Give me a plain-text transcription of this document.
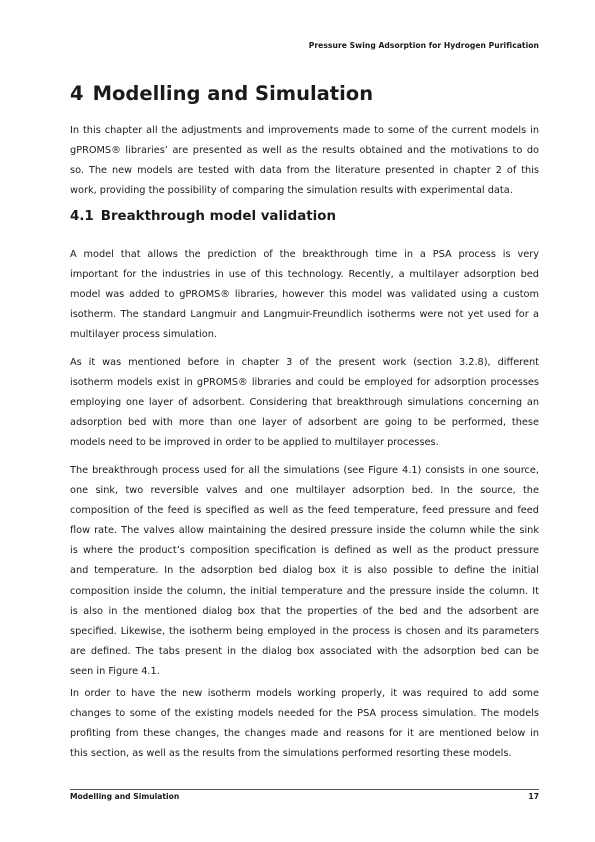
Pressure Swing Adsorption for Hydrogen Purification
4 Modelling and Simulation

In this chapter all the adjustments and improvements made to some of the current models in
gPROMS® libraries’ are presented as well as the results obtained and the motivations to do
so. The new models are tested with data from the literature presented in chapter 2 of this
work, providing the possibility of comparing the simulation results with experimental data.

4.1 Breakthrough model validation

A model that allows the prediction of the breakthrough time in a PSA process is very
important for the industries in use of this technology. Recently, a multilayer adsorption bed
model was added to gPROMS® libraries, however this model was validated using a custom
isotherm. The standard Langmuir and Langmuir-Freundlich isotherms were not yet used for a
multilayer process simulation.

As it was mentioned before in chapter 3 of the present work (section 3.2.8), different
isotherm models exist in gPROMS® libraries and could be employed for adsorption processes
employing one layer of adsorbent. Considering that breakthrough simulations concerning an
adsorption bed with more than one layer of adsorbent are going to be performed, these
models need to be improved in order to be applied to multilayer processes.

The breakthrough process used for all the simulations (see Figure 4.1) consists in one source,
one sink, two reversible valves and one multilayer adsorption bed. In the source, the
composition of the feed is specified as well as the feed temperature, feed pressure and feed
flow rate. The valves allow maintaining the desired pressure inside the column while the sink
is where the product’s composition specification is defined as well as the product pressure
and temperature. In the adsorption bed dialog box it is also possible to define the initial
composition inside the column, the initial temperature and the pressure inside the column. It
is also in the mentioned dialog box that the properties of the bed and the adsorbent are
specified. Likewise, the isotherm being employed in the process is chosen and its parameters
are defined. The tabs present in the dialog box associated with the adsorption bed can be
seen in Figure 4.1.

In order to have the new isotherm models working properly, it was required to add some
changes to some of the existing models needed for the PSA process simulation. The models
profiting from these changes, the changes made and reasons for it are mentioned below in
this section, as well as the results from the simulations performed resorting these models.

Modelling and Simulation	17
